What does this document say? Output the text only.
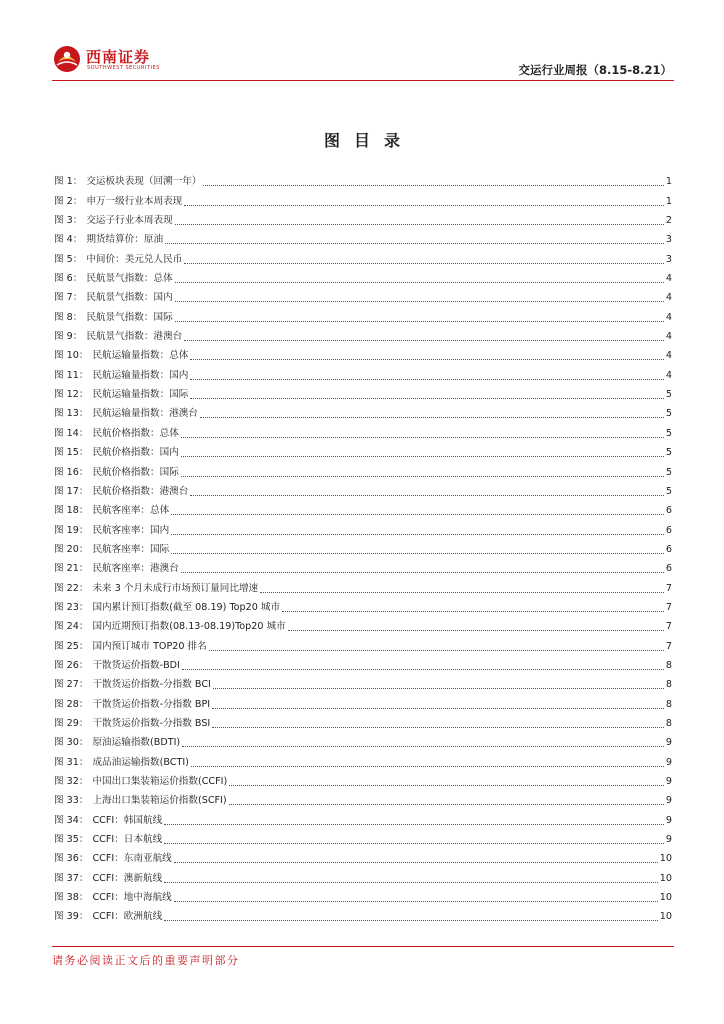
西南证券
SOUTHWEST SECURITIES	交运行业周报（8.15-8.21）
图目录
图 1： 交运板块表现（回溯一年）	1
图 2： 申万一级行业本周表现	1
图 3： 交运子行业本周表现	2
图 4： 期货结算价：原油	3
图 5： 中间价：美元兑人民币	3
图 6： 民航景气指数：总体	4
图 7： 民航景气指数：国内	4
图 8： 民航景气指数：国际	4
图 9： 民航景气指数：港澳台	4
图 10： 民航运输量指数：总体	4
图 11： 民航运输量指数：国内	4
图 12： 民航运输量指数：国际	5
图 13： 民航运输量指数：港澳台	5
图 14： 民航价格指数：总体	5
图 15： 民航价格指数：国内	5
图 16： 民航价格指数：国际	5
图 17： 民航价格指数：港澳台	5
图 18： 民航客座率：总体	6
图 19： 民航客座率：国内	6
图 20： 民航客座率：国际	6
图 21： 民航客座率：港澳台	6
图 22： 未来 3 个月未成行市场预订量同比增速	7
图 23： 国内累计预订指数(截至 08.19) Top20 城市	7
图 24： 国内近期预订指数(08.13-08.19)Top20 城市	7
图 25： 国内预订城市 TOP20 排名	7
图 26： 干散货运价指数-BDI	8
图 27： 干散货运价指数-分指数 BCI	8
图 28： 干散货运价指数-分指数 BPI	8
图 29： 干散货运价指数-分指数 BSI	8
图 30： 原油运输指数(BDTI)	9
图 31： 成品油运输指数(BCTI)	9
图 32： 中国出口集装箱运价指数(CCFI)	9
图 33： 上海出口集装箱运价指数(SCFI)	9
图 34： CCFI：韩国航线	9
图 35： CCFI：日本航线	9
图 36： CCFI：东南亚航线	10
图 37： CCFI：澳新航线	10
图 38： CCFI：地中海航线	10
图 39： CCFI：欧洲航线	10
请务必阅读正文后的重要声明部分
